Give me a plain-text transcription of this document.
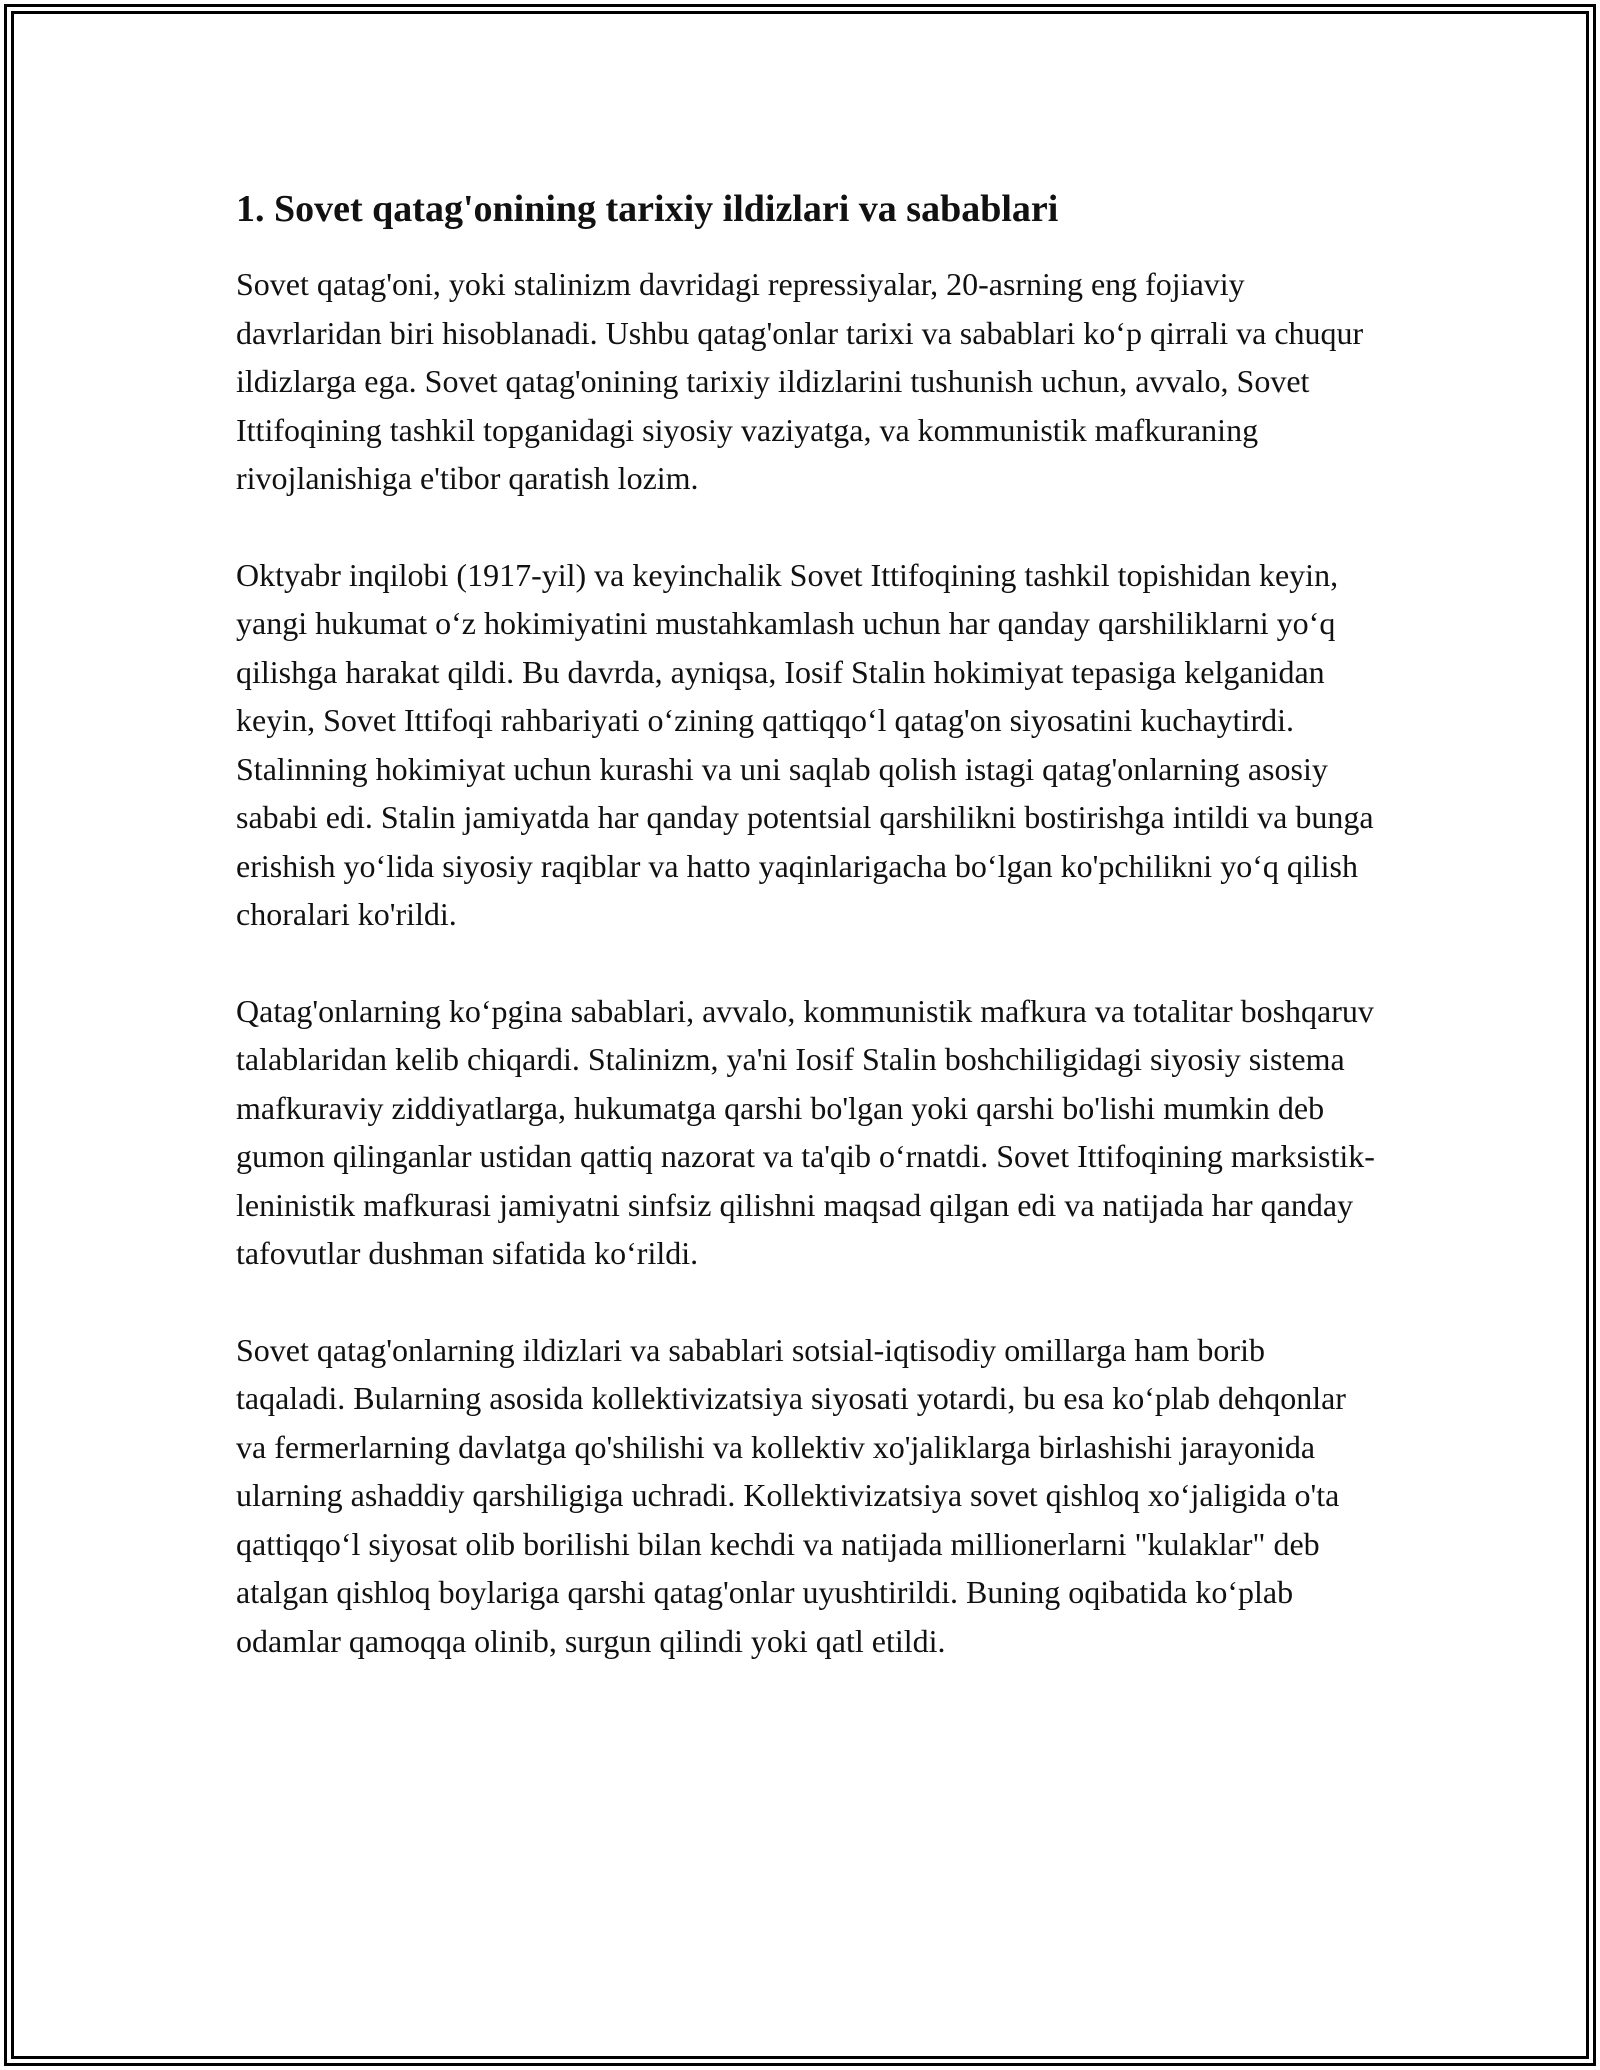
1. Sovet qatag'onining tarixiy ildizlari va sabablari

Sovet qatag'oni, yoki stalinizm davridagi repressiyalar, 20-asrning eng fojiaviy davrlaridan biri hisoblanadi. Ushbu qatag'onlar tarixi va sabablari koʻp qirrali va chuqur ildizlarga ega. Sovet qatag'onining tarixiy ildizlarini tushunish uchun, avvalo, Sovet Ittifoqining tashkil topganidagi siyosiy vaziyatga, va kommunistik mafkuraning rivojlanishiga e'tibor qaratish lozim.

Oktyabr inqilobi (1917-yil) va keyinchalik Sovet Ittifoqining tashkil topishidan keyin, yangi hukumat oʻz hokimiyatini mustahkamlash uchun har qanday qarshiliklarni yoʻq qilishga harakat qildi. Bu davrda, ayniqsa, Iosif Stalin hokimiyat tepasiga kelganidan keyin, Sovet Ittifoqi rahbariyati oʻzining qattiqqoʻl qatag'on siyosatini kuchaytirdi. Stalinning hokimiyat uchun kurashi va uni saqlab qolish istagi qatag'onlarning asosiy sababi edi. Stalin jamiyatda har qanday potentsial qarshilikni bostirishga intildi va bunga erishish yoʻlida siyosiy raqiblar va hatto yaqinlarigacha boʻlgan ko'pchilikni yoʻq qilish choralari ko'rildi.

Qatag'onlarning koʻpgina sabablari, avvalo, kommunistik mafkura va totalitar boshqaruv talablaridan kelib chiqardi. Stalinizm, ya'ni Iosif Stalin boshchiligidagi siyosiy sistema mafkuraviy ziddiyatlarga, hukumatga qarshi bo'lgan yoki qarshi bo'lishi mumkin deb gumon qilinganlar ustidan qattiq nazorat va ta'qib oʻrnatdi. Sovet Ittifoqining marksistik-leninistik mafkurasi jamiyatni sinfsiz qilishni maqsad qilgan edi va natijada har qanday tafovutlar dushman sifatida koʻrildi.

Sovet qatag'onlarning ildizlari va sabablari sotsial-iqtisodiy omillarga ham borib taqaladi. Bularning asosida kollektivizatsiya siyosati yotardi, bu esa koʻplab dehqonlar va fermerlarning davlatga qo'shilishi va kollektiv xo'jaliklarga birlashishi jarayonida ularning ashaddiy qarshiligiga uchradi. Kollektivizatsiya sovet qishloq xoʻjaligida o'ta qattiqqoʻl siyosat olib borilishi bilan kechdi va natijada millionerlarni "kulaklar" deb atalgan qishloq boylariga qarshi qatag'onlar uyushtirildi. Buning oqibatida koʻplab odamlar qamoqqa olinib, surgun qilindi yoki qatl etildi.
